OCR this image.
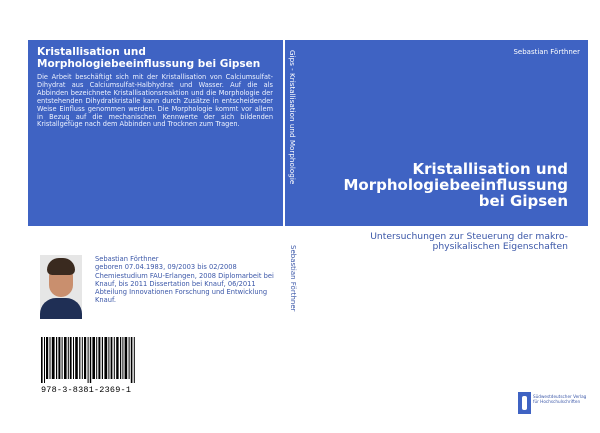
Kristallisation und Morphologiebeeinflussung bei Gipsen
Die Arbeit beschäftigt sich mit der Kristallisation von Calciumsulfat-Dihydrat aus Calciumsulfat-Halbhydrat und Wasser. Auf die als Abbinden bezeichnete Kristallisationsreaktion und die Morphologie der entstehenden Dihydratkristalle kann durch Zusätze in entscheidender Weise Einfluss genommen werden. Die Morphologie kommt vor allem in Bezug auf die mechanischen Kennwerte der sich bildenden Kristallgefüge nach dem Abbinden und Trocknen zum Tragen.
Sebastian Förthner
geboren 07.04.1983, 09/2003 bis 02/2008 Chemiestudium FAU-Erlangen, 2008 Diplomarbeit bei Knauf, bis 2011 Dissertation bei Knauf, 06/2011 Abteilung Innovationen Forschung und Entwicklung Knauf.
978-3-8381-2369-1
Gips - Kristallisation und Morphologie
Sebastian Förthner
Sebastian Förthner
Kristallisation und Morphologiebeeinflussung bei Gipsen
Untersuchungen zur Steuerung der makro-physikalischen Eigenschaften
Südwestdeutscher Verlag
für Hochschulschriften
